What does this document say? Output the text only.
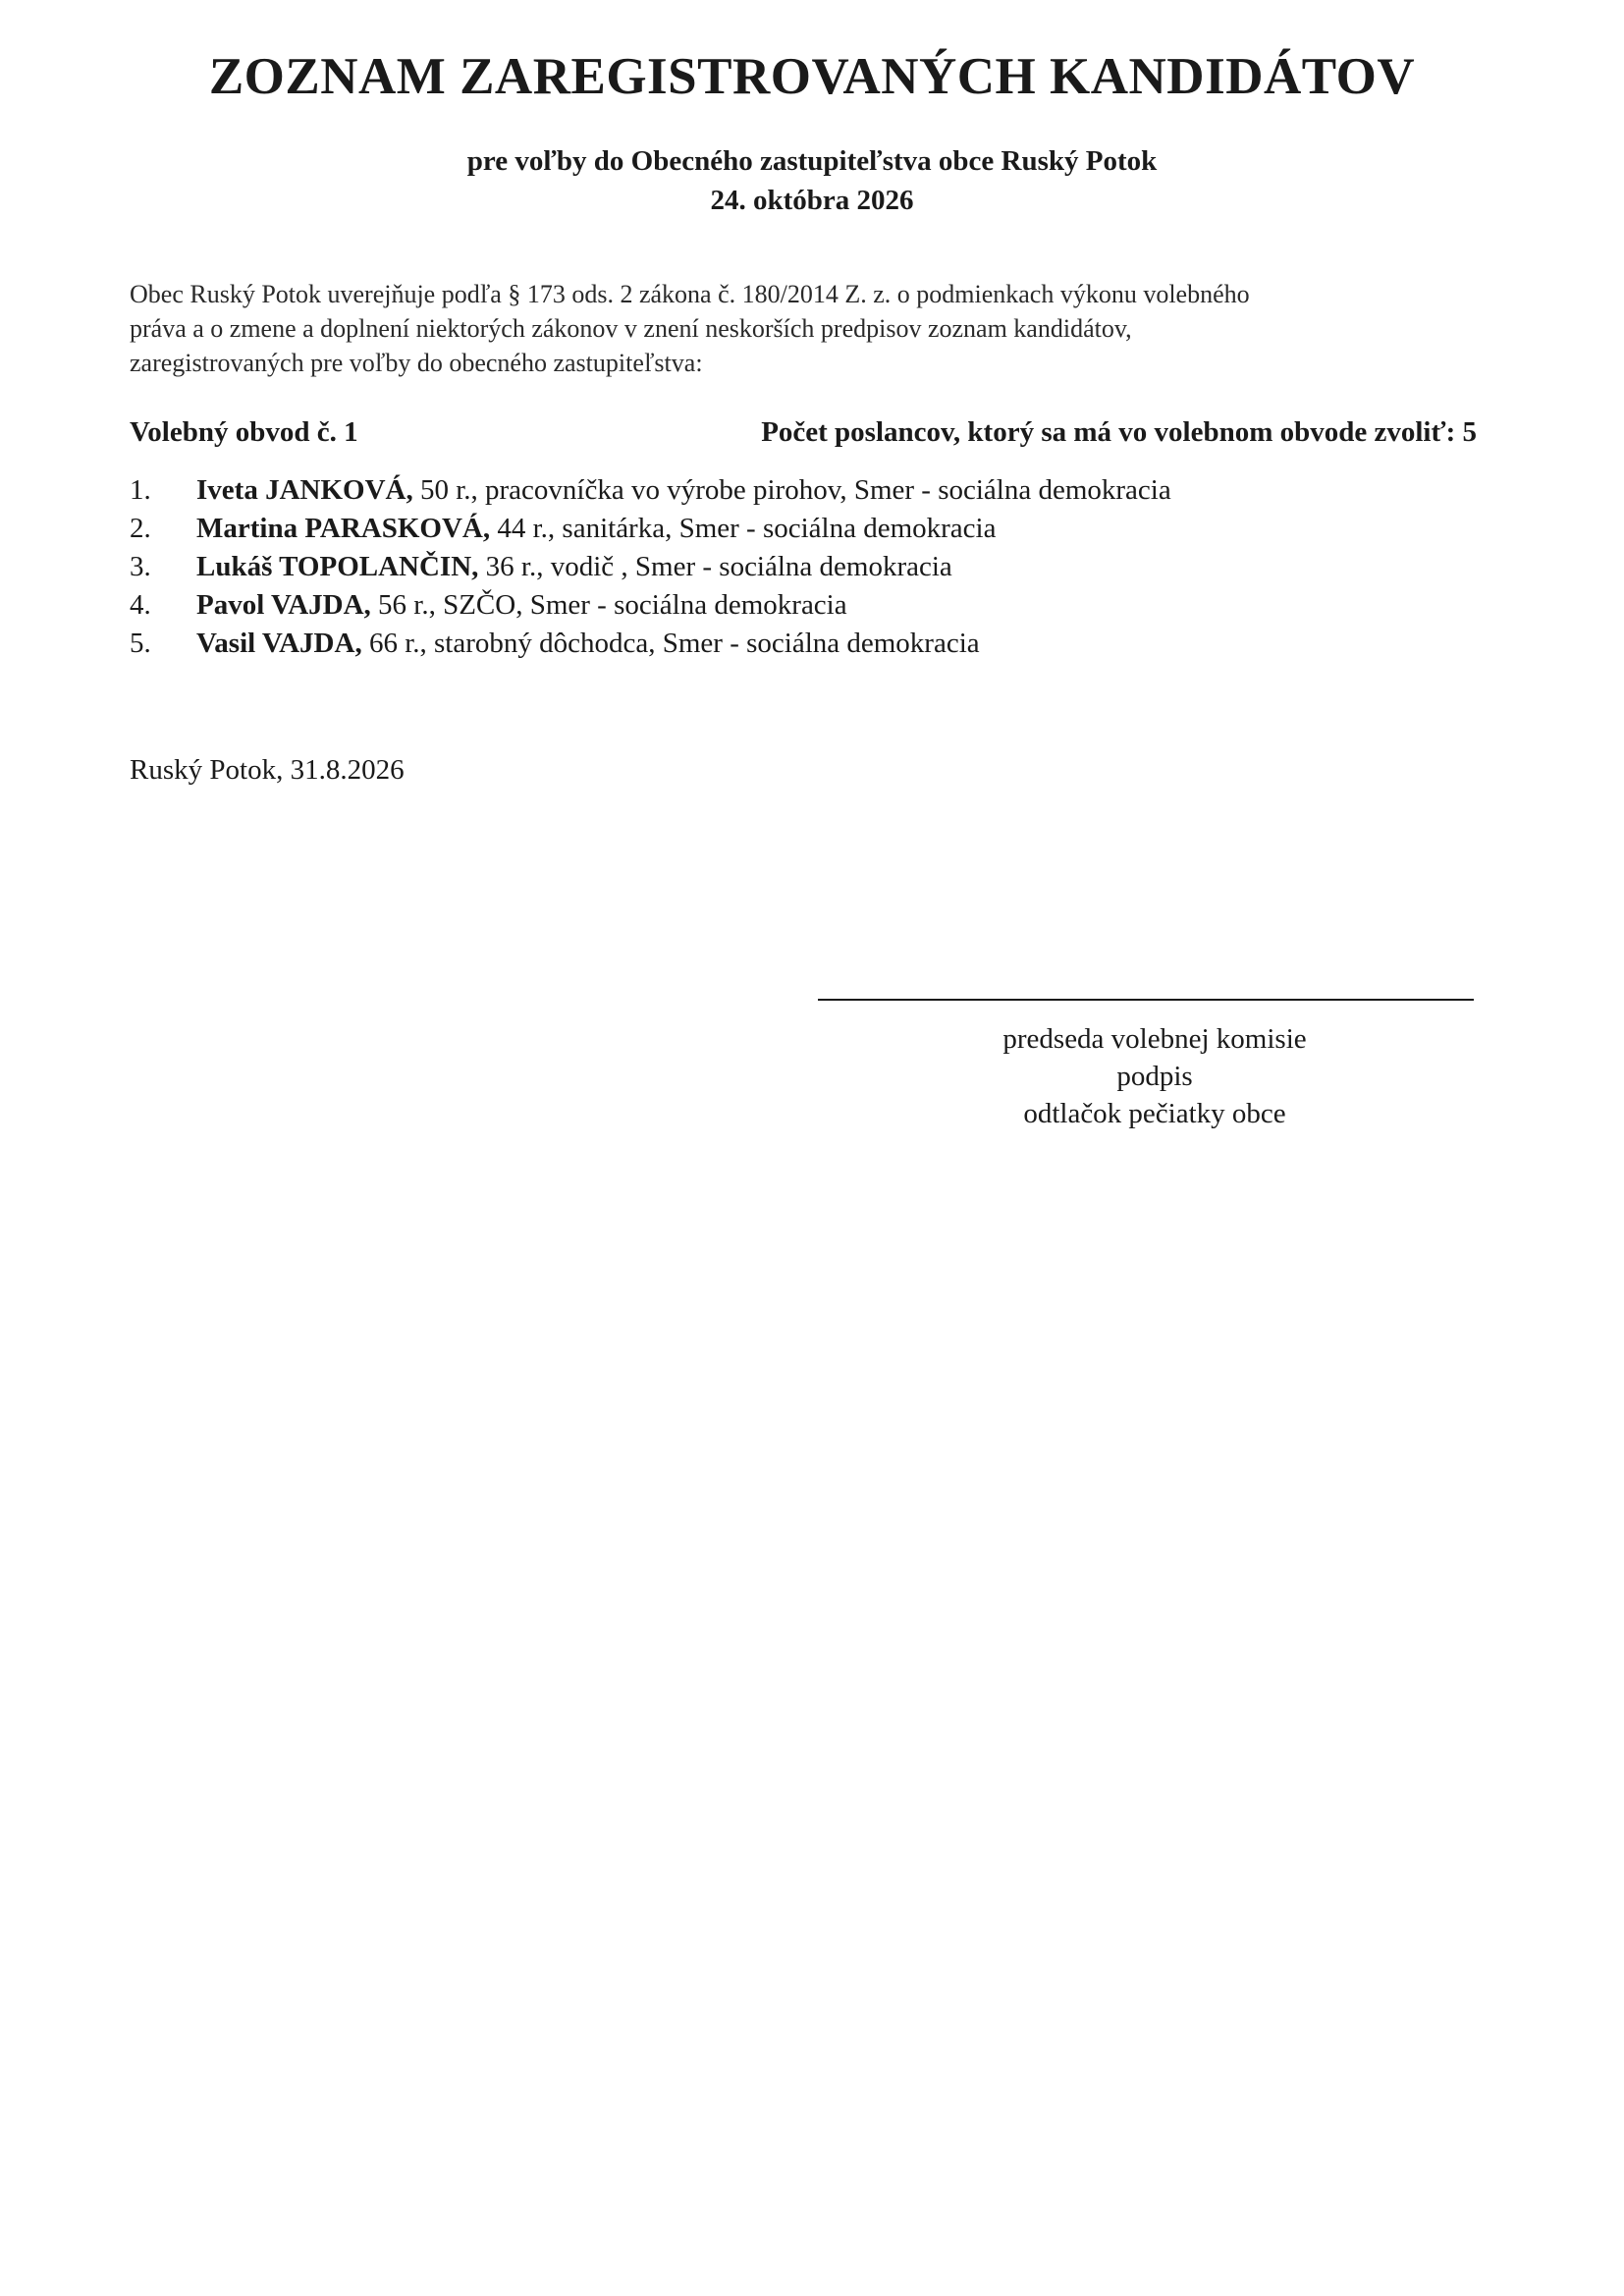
ZOZNAM ZAREGISTROVANÝCH KANDIDÁTOV
pre voľby do Obecného zastupiteľstva obce Ruský Potok
24. októbra 2026
Obec Ruský Potok uverejňuje podľa § 173 ods. 2 zákona č. 180/2014 Z. z. o podmienkach výkonu volebného
práva a o zmene a doplnení niektorých zákonov v znení neskorších predpisov zoznam kandidátov,
zaregistrovaných pre voľby do obecného zastupiteľstva:
Volebný obvod č. 1	Počet poslancov, ktorý sa má vo volebnom obvode zvoliť: 5
1.	Iveta JANKOVÁ, 50 r., pracovníčka vo výrobe pirohov, Smer - sociálna demokracia
2.	Martina PARASKOVÁ, 44 r., sanitárka, Smer - sociálna demokracia
3.	Lukáš TOPOLANČIN, 36 r., vodič , Smer - sociálna demokracia
4.	Pavol VAJDA, 56 r., SZČO, Smer - sociálna demokracia
5.	Vasil VAJDA, 66 r., starobný dôchodca, Smer - sociálna demokracia
Ruský Potok, 31.8.2026
predseda volebnej komisie
podpis
odtlačok pečiatky obce
